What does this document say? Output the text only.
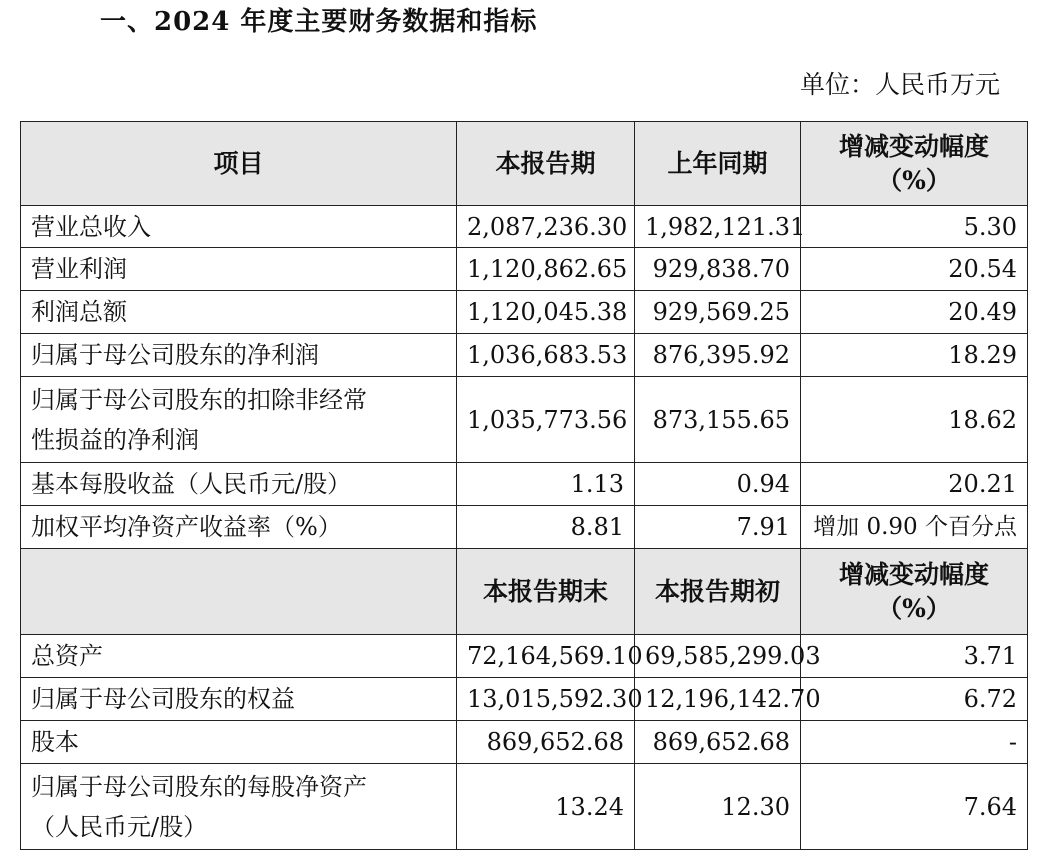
一、2024 年度主要财务数据和指标
单位：人民币万元
项目	本报告期	上年同期	增减变动幅度
（%）

营业总收入	2,087,236.30	1,982,121.31	5.30
营业利润	1,120,862.65	929,838.70	20.54
利润总额	1,120,045.38	929,569.25	20.49
归属于母公司股东的净利润	1,036,683.53	876,395.92	18.29

归属于母公司股东的扣除非经常
性损益的净利润	1,035,773.56	873,155.65	18.62
基本每股收益（人民币元/股）	1.13	0.94	20.21
加权平均净资产收益率（%）	8.81	7.91	增加 0.90 个百分点
	本报告期末	本报告期初	增减变动幅度
（%）

总资产	72,164,569.10	69,585,299.03	3.71
归属于母公司股东的权益	13,015,592.30	12,196,142.70	6.72
股本	869,652.68	869,652.68	-

归属于母公司股东的每股净资产
（人民币元/股）	13.24	12.30	7.64
